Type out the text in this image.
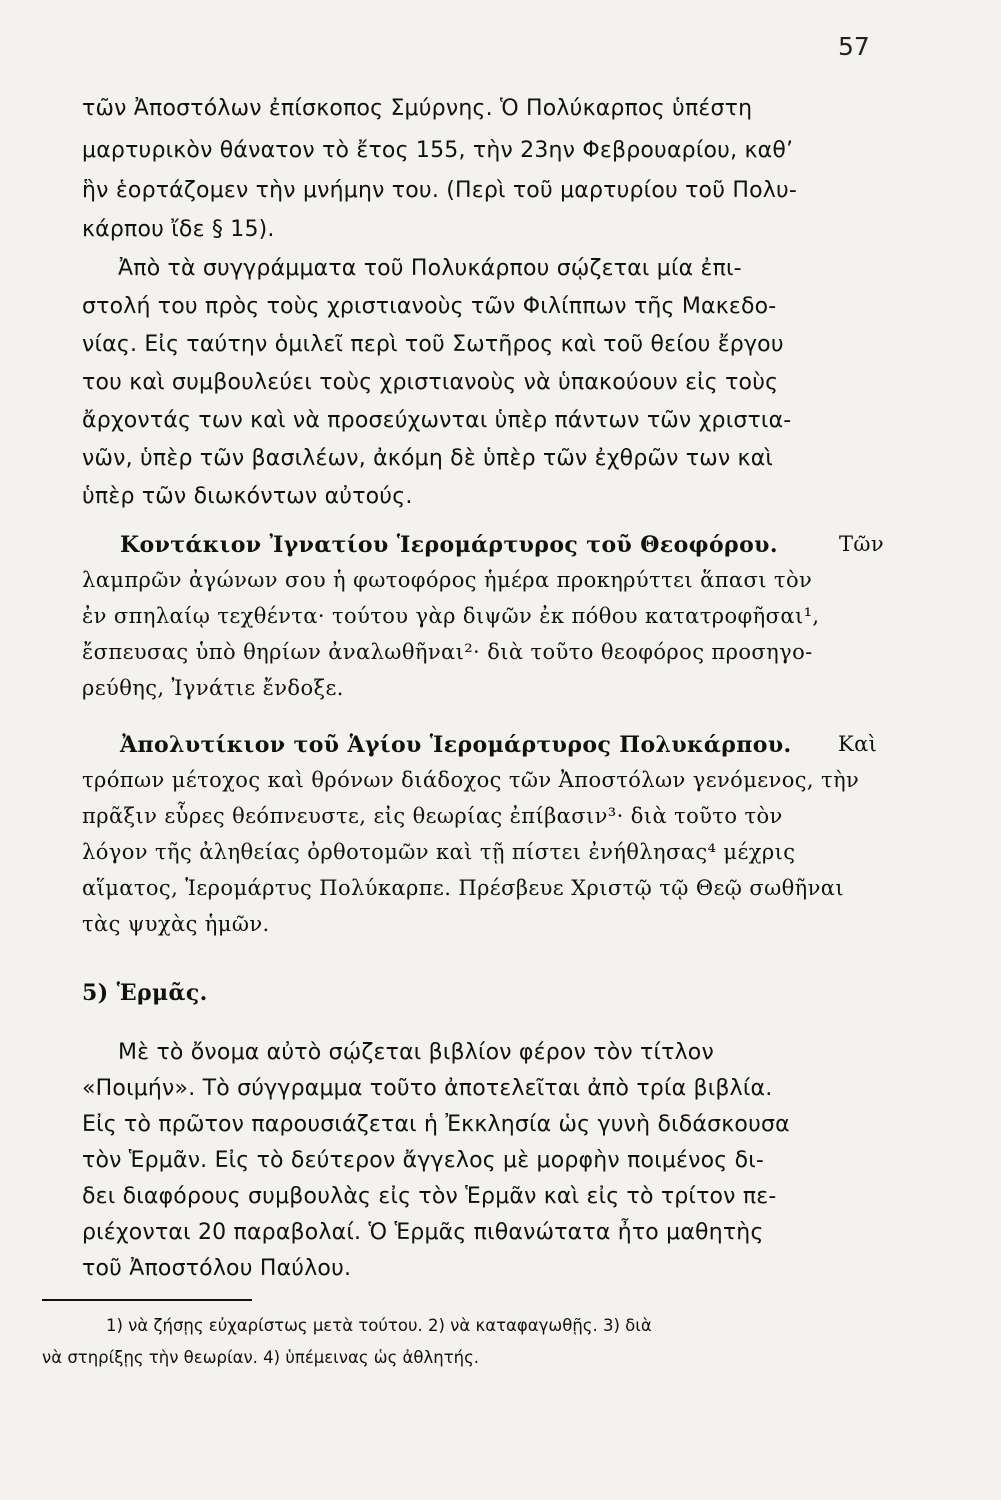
57
τῶν Ἀποστόλων ἐπίσκοπος Σμύρνης. Ὁ Πολύκαρπος ὑπέστη
μαρτυρικὸν θάνατον τὸ ἔτος 155, τὴν 23ην Φεβρουαρίου, καθ’
ἣν ἑορτάζομεν τὴν μνήμην του. (Περὶ τοῦ μαρτυρίου τοῦ Πολυ-
κάρπου ἴδε § 15).
Ἀπὸ τὰ συγγράμματα τοῦ Πολυκάρπου σῴζεται μία ἐπι-
στολή του πρὸς τοὺς χριστιανοὺς τῶν Φιλίππων τῆς Μακεδο-
νίας. Εἰς ταύτην ὁμιλεῖ περὶ τοῦ Σωτῆρος καὶ τοῦ θείου ἔργου
του καὶ συμβουλεύει τοὺς χριστιανοὺς νὰ ὑπακούουν εἰς τοὺς
ἄρχοντάς των καὶ νὰ προσεύχωνται ὑπὲρ πάντων τῶν χριστια-
νῶν, ὑπὲρ τῶν βασιλέων, ἀκόμη δὲ ὑπὲρ τῶν ἐχθρῶν των καὶ
ὑπὲρ τῶν διωκόντων αὐτούς.
Κοντάκιον Ἰγνατίου Ἱερομάρτυρος τοῦ Θεοφόρου.	Τῶν
λαμπρῶν ἀγώνων σου ἡ φωτοφόρος ἡμέρα προκηρύττει ἅπασι τὸν
ἐν σπηλαίῳ τεχθέντα· τούτου γὰρ διψῶν ἐκ πόθου κατατροφῆσαι¹,
ἔσπευσας ὑπὸ θηρίων ἀναλωθῆναι²· διὰ τοῦτο θεοφόρος προσηγο-
ρεύθης, Ἰγνάτιε ἔνδοξε.
Ἀπολυτίκιον τοῦ Ἁγίου Ἱερομάρτυρος Πολυκάρπου. Καὶ
τρόπων μέτοχος καὶ θρόνων διάδοχος τῶν Ἀποστόλων γενόμενος, τὴν
πρᾶξιν εὗρες θεόπνευστε, εἰς θεωρίας ἐπίβασιν³· διὰ τοῦτο τὸν
λόγον τῆς ἀληθείας ὀρθοτομῶν καὶ τῇ πίστει ἐνήθλησας⁴ μέχρις
αἵματος, Ἱερομάρτυς Πολύκαρπε. Πρέσβευε Χριστῷ τῷ Θεῷ σωθῆναι
τὰς ψυχὰς ἡμῶν.
5) Ἑρμᾶς.
Μὲ τὸ ὄνομα αὐτὸ σῴζεται βιβλίον φέρον τὸν τίτλον
«Ποιμήν». Τὸ σύγγραμμα τοῦτο ἀποτελεῖται ἀπὸ τρία βιβλία.
Εἰς τὸ πρῶτον παρουσιάζεται ἡ Ἐκκλησία ὡς γυνὴ διδάσκουσα
τὸν Ἑρμᾶν. Εἰς τὸ δεύτερον ἄγγελος μὲ μορφὴν ποιμένος δι-
δει διαφόρους συμβουλὰς εἰς τὸν Ἑρμᾶν καὶ εἰς τὸ τρίτον πε-
ριέχονται 20 παραβολαί. Ὁ Ἑρμᾶς πιθανώτατα ἦτο μαθητὴς
τοῦ Ἀποστόλου Παύλου.
1) νὰ ζήσῃς εὐχαρίστως μετὰ τούτου. 2) νὰ καταφαγωθῇς. 3) διὰ
νὰ στηρίξῃς τὴν θεωρίαν. 4) ὑπέμεινας ὡς ἀθλητής.
